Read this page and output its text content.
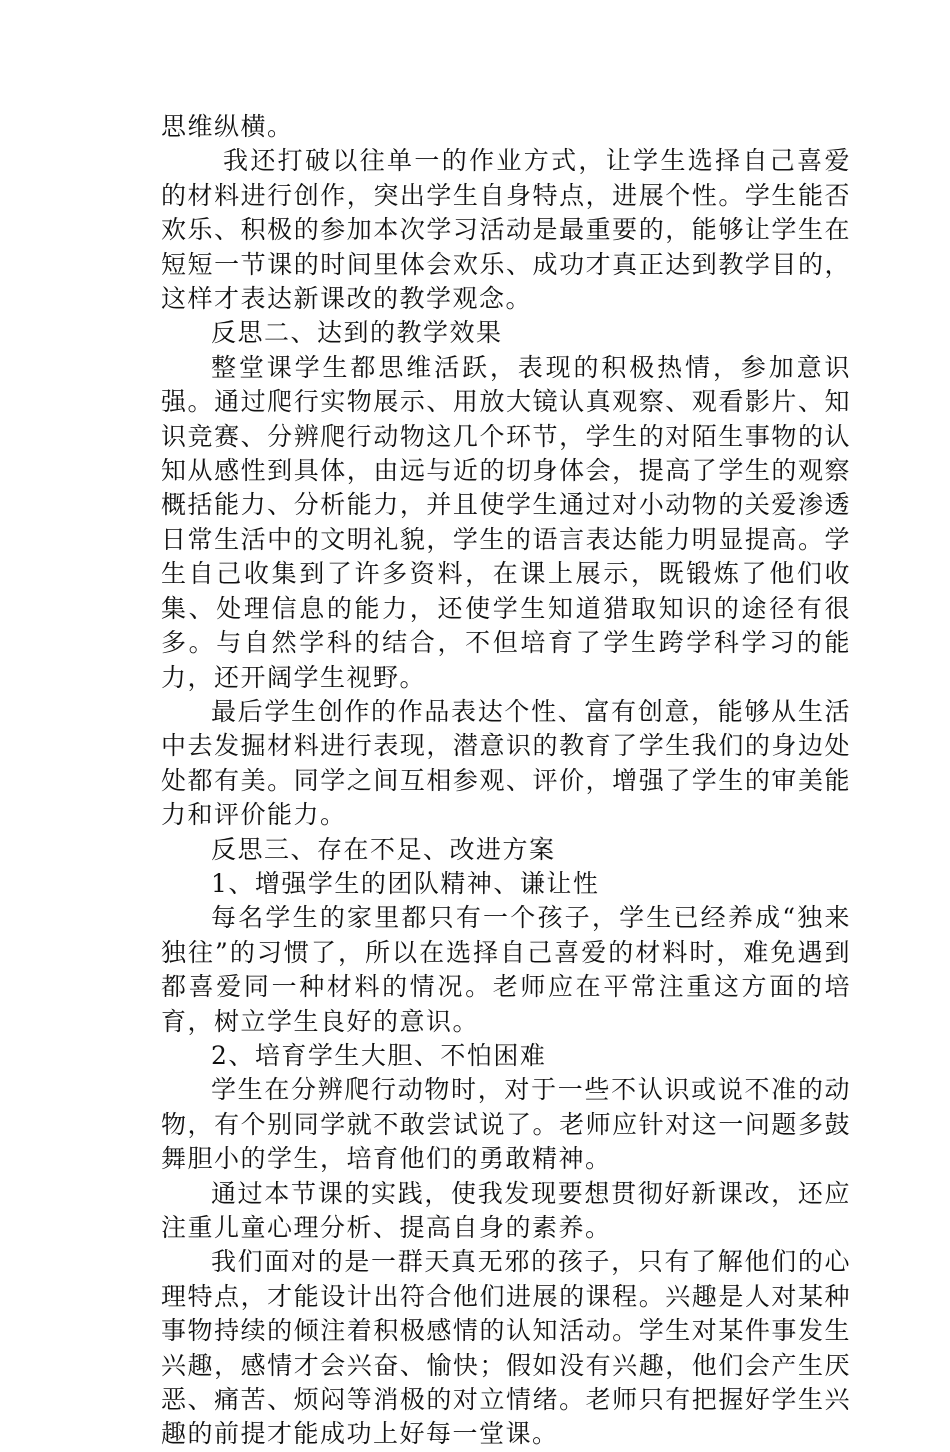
思维纵横。

我还打破以往单一的作业方式，让学生选择自己喜爱的材料进行创作，突出学生自身特点，进展个性。学生能否欢乐、积极的参加本次学习活动是最重要的，能够让学生在短短一节课的时间里体会欢乐、成功才真正达到教学目的，这样才表达新课改的教学观念。

反思二、达到的教学效果

整堂课学生都思维活跃，表现的积极热情，参加意识强。通过爬行实物展示、用放大镜认真观察、观看影片、知识竞赛、分辨爬行动物这几个环节，学生的对陌生事物的认知从感性到具体，由远与近的切身体会，提高了学生的观察概括能力、分析能力，并且使学生通过对小动物的关爱渗透日常生活中的文明礼貌，学生的语言表达能力明显提高。学生自己收集到了许多资料，在课上展示，既锻炼了他们收集、处理信息的能力，还使学生知道猎取知识的途径有很多。与自然学科的结合，不但培育了学生跨学科学习的能力，还开阔学生视野。

最后学生创作的作品表达个性、富有创意，能够从生活中去发掘材料进行表现，潜意识的教育了学生我们的身边处处都有美。同学之间互相参观、评价，增强了学生的审美能力和评价能力。

反思三、存在不足、改进方案

1、增强学生的团队精神、谦让性

每名学生的家里都只有一个孩子，学生已经养成“独来独往”的习惯了，所以在选择自己喜爱的材料时，难免遇到都喜爱同一种材料的情况。老师应在平常注重这方面的培育，树立学生良好的意识。

2、培育学生大胆、不怕困难

学生在分辨爬行动物时，对于一些不认识或说不准的动物，有个别同学就不敢尝试说了。老师应针对这一问题多鼓舞胆小的学生，培育他们的勇敢精神。

通过本节课的实践，使我发现要想贯彻好新课改，还应注重儿童心理分析、提高自身的素养。

我们面对的是一群天真无邪的孩子，只有了解他们的心理特点，才能设计出符合他们进展的课程。兴趣是人对某种事物持续的倾注着积极感情的认知活动。学生对某件事发生兴趣，感情才会兴奋、愉快；假如没有兴趣，他们会产生厌恶、痛苦、烦闷等消极的对立情绪。老师只有把握好学生兴趣的前提才能成功上好每一堂课。
